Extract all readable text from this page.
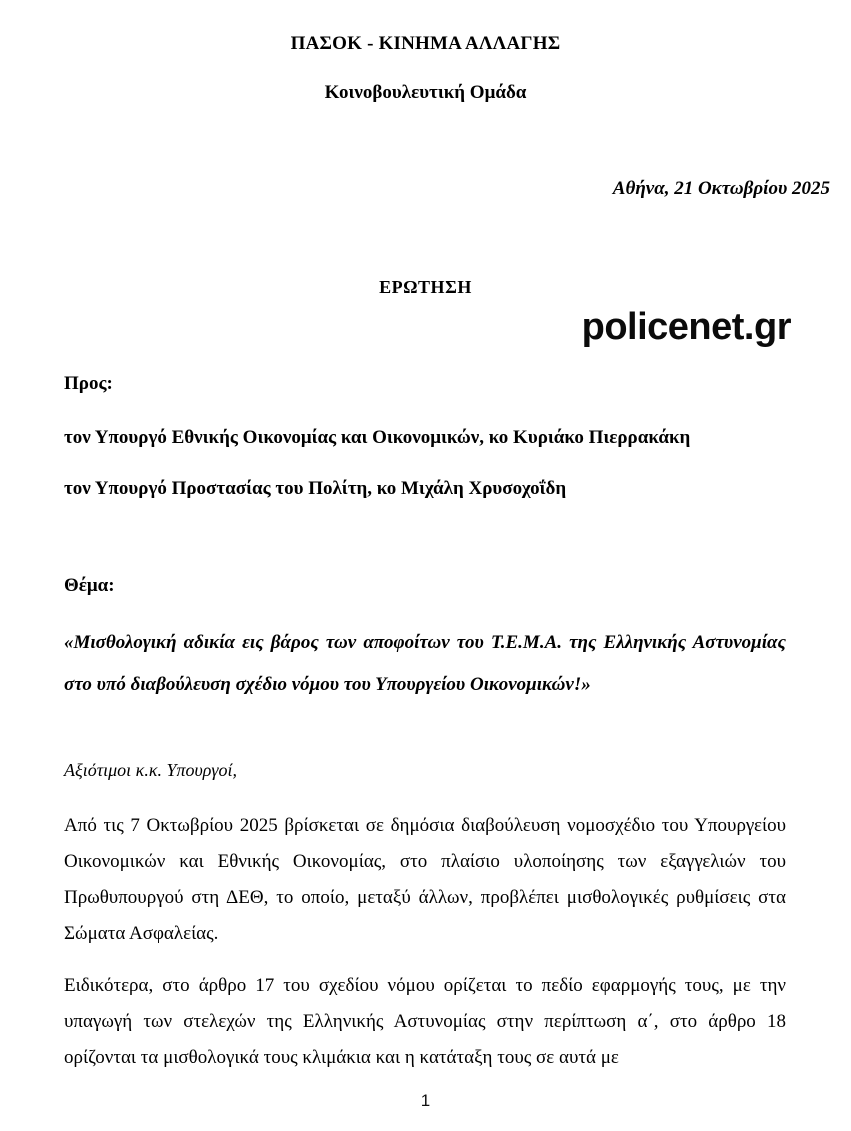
ΠΑΣΟΚ - ΚΙΝΗΜΑ ΑΛΛΑΓΗΣ
Κοινοβουλευτική Ομάδα
Αθήνα, 21 Οκτωβρίου 2025
ΕΡΩΤΗΣΗ
policenet.gr
Προς:
τον Υπουργό Εθνικής Οικονομίας και Οικονομικών, κο Κυριάκο Πιερρακάκη
τον Υπουργό Προστασίας του Πολίτη, κο Μιχάλη Χρυσοχοΐδη
Θέμα:
«Μισθολογική αδικία εις βάρος των αποφοίτων του Τ.Ε.Μ.Α. της Ελληνικής Αστυνομίας στο υπό διαβούλευση σχέδιο νόμου του Υπουργείου Οικονομικών!»
Αξιότιμοι κ.κ. Υπουργοί,

Από τις 7 Οκτωβρίου 2025 βρίσκεται σε δημόσια διαβούλευση νομοσχέδιο του Υπουργείου Οικονομικών και Εθνικής Οικονομίας, στο πλαίσιο υλοποίησης των εξαγγελιών του Πρωθυπουργού στη ΔΕΘ, το οποίο, μεταξύ άλλων, προβλέπει μισθολογικές ρυθμίσεις στα Σώματα Ασφαλείας.

Ειδικότερα, στο άρθρο 17 του σχεδίου νόμου ορίζεται το πεδίο εφαρμογής τους, με την υπαγωγή των στελεχών της Ελληνικής Αστυνομίας στην περίπτωση α΄, στο άρθρο 18 ορίζονται τα μισθολογικά τους κλιμάκια και η κατάταξη τους σε αυτά με

1
